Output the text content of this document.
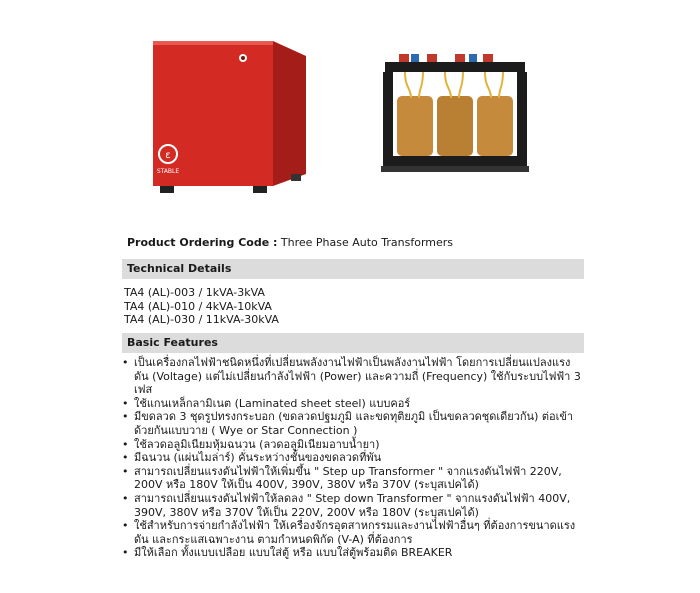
ε
STABLE
Product Ordering Code : Three Phase Auto Transformers
Technical Details
TA4 (AL)-003 / 1kVA-3kVA
TA4 (AL)-010 / 4kVA-10kVA
TA4 (AL)-030 / 11kVA-30kVA
Basic Features
• เป็นเครื่องกลไฟฟ้าชนิดหนึ่งที่เปลี่ยนพลังงานไฟฟ้าเป็นพลังงานไฟฟ้า โดยการเปลี่ยนแปลงแรงดัน (Voltage) แต่ไม่เปลี่ยนกำลังไฟฟ้า (Power) และความถี่ (Frequency) ใช้กับระบบไฟฟ้า 3 เฟส
• ใช้แกนเหล็กลามิเนต (Laminated sheet steel) แบบคอร์
• มีขดลวด 3 ชุดรูปทรงกระบอก (ขดลวดปฐมภูมิ และขดทุติยภูมิ เป็นขดลวดชุดเดียวกัน) ต่อเข้าด้วยกันแบบวาย ( Wye or Star Connection )
• ใช้ลวดอลูมิเนียมหุ้มฉนวน (ลวดอลูมิเนียมอาบน้ำยา)
• มีฉนวน (แผ่นไมล่าร์) คั่นระหว่างชั้นของขดลวดที่พัน
• สามารถเปลี่ยนแรงดันไฟฟ้าให้เพิ่มขึ้น " Step up Transformer " จากแรงดันไฟฟ้า 220V, 200V หรือ 180V ให้เป็น 400V, 390V, 380V หรือ 370V (ระบุสเปคได้)
• สามารถเปลี่ยนแรงดันไฟฟ้าให้ลดลง " Step down Transformer " จากแรงดันไฟฟ้า 400V, 390V, 380V หรือ 370V ให้เป็น 220V, 200V หรือ 180V (ระบุสเปคได้)
• ใช้สำหรับการจ่ายกำลังไฟฟ้า ให้เครื่องจักรอุตสาหกรรมและงานไฟฟ้าอื่นๆ ที่ต้องการขนาดแรงดัน และกระแสเฉพาะงาน ตามกำหนดพิกัด (V-A) ที่ต้องการ
• มีให้เลือก ทั้งแบบเปลือย แบบใส่ตู้ หรือ แบบใส่ตู้พร้อมติด BREAKER
